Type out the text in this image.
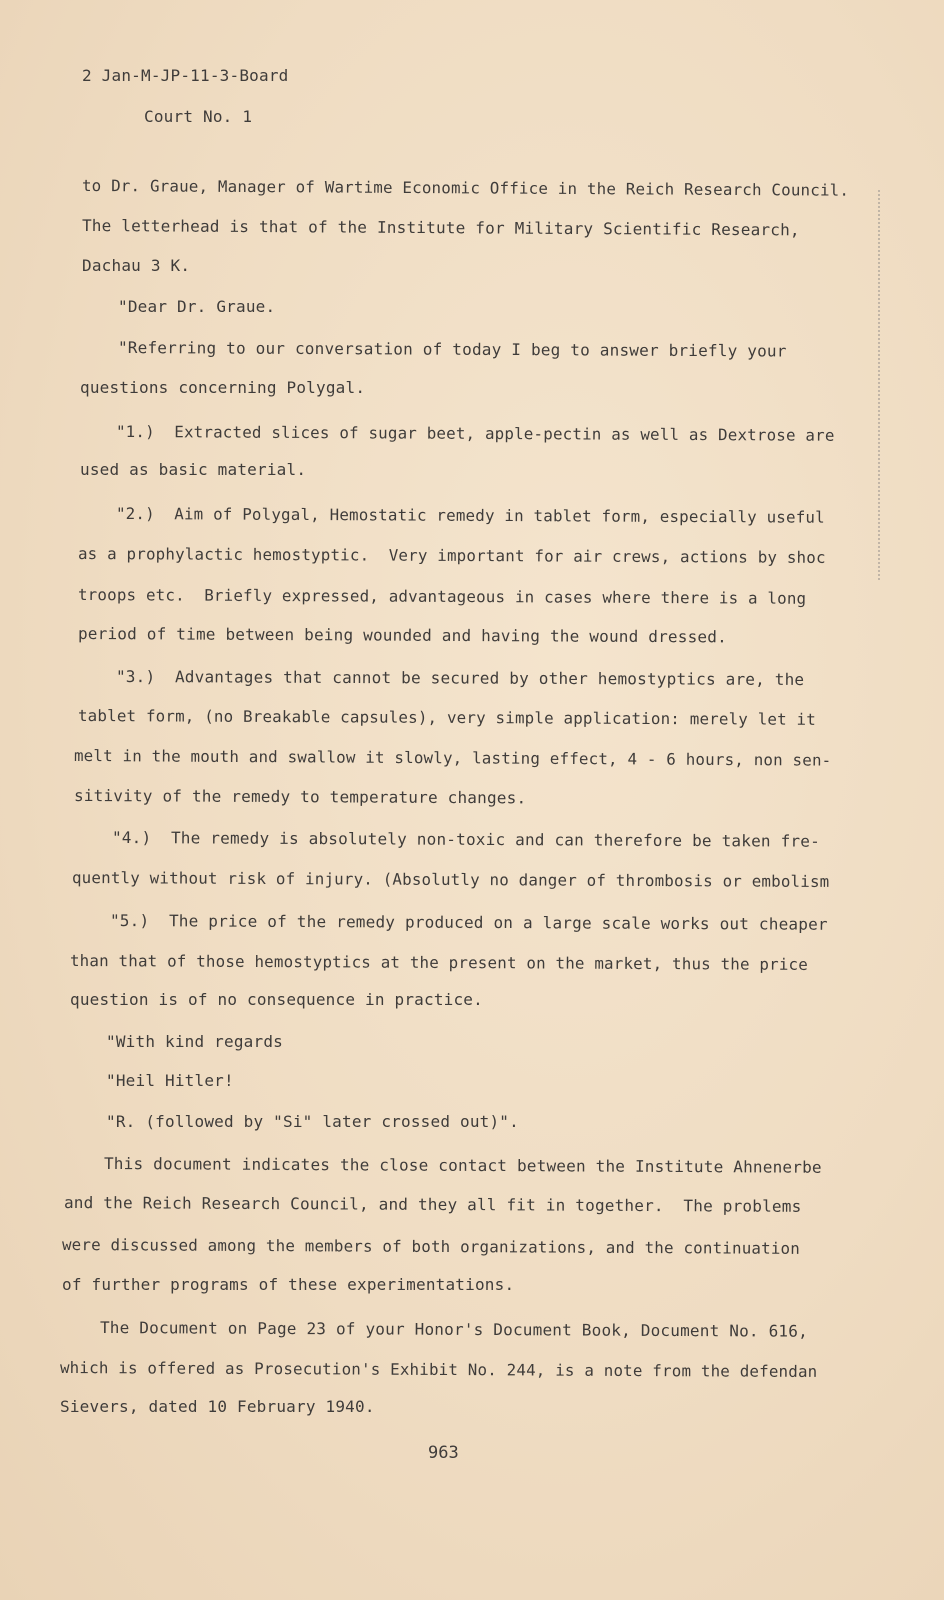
2 Jan-M-JP-11-3-Board
Court No. 1
to Dr. Graue, Manager of Wartime Economic Office in the Reich Research Council.
The letterhead is that of the Institute for Military Scientific Research,
Dachau 3 K.
"Dear Dr. Graue.
"Referring to our conversation of today I beg to answer briefly your
questions concerning Polygal.
"1.)  Extracted slices of sugar beet, apple-pectin as well as Dextrose are
used as basic material.
"2.)  Aim of Polygal, Hemostatic remedy in tablet form, especially useful
as a prophylactic hemostyptic.  Very important for air crews, actions by shoc
troops etc.  Briefly expressed, advantageous in cases where there is a long
period of time between being wounded and having the wound dressed.
"3.)  Advantages that cannot be secured by other hemostyptics are, the
tablet form, (no Breakable capsules), very simple application: merely let it
melt in the mouth and swallow it slowly, lasting effect, 4 - 6 hours, non sen-
sitivity of the remedy to temperature changes.
"4.)  The remedy is absolutely non-toxic and can therefore be taken fre-
quently without risk of injury. (Absolutly no danger of thrombosis or embolism
"5.)  The price of the remedy produced on a large scale works out cheaper
than that of those hemostyptics at the present on the market, thus the price
question is of no consequence in practice.
"With kind regards
"Heil Hitler!
"R. (followed by "Si" later crossed out)".
This document indicates the close contact between the Institute Ahnenerbe
and the Reich Research Council, and they all fit in together.  The problems
were discussed among the members of both organizations, and the continuation
of further programs of these experimentations.
The Document on Page 23 of your Honor's Document Book, Document No. 616,
which is offered as Prosecution's Exhibit No. 244, is a note from the defendan
Sievers, dated 10 February 1940.
963
